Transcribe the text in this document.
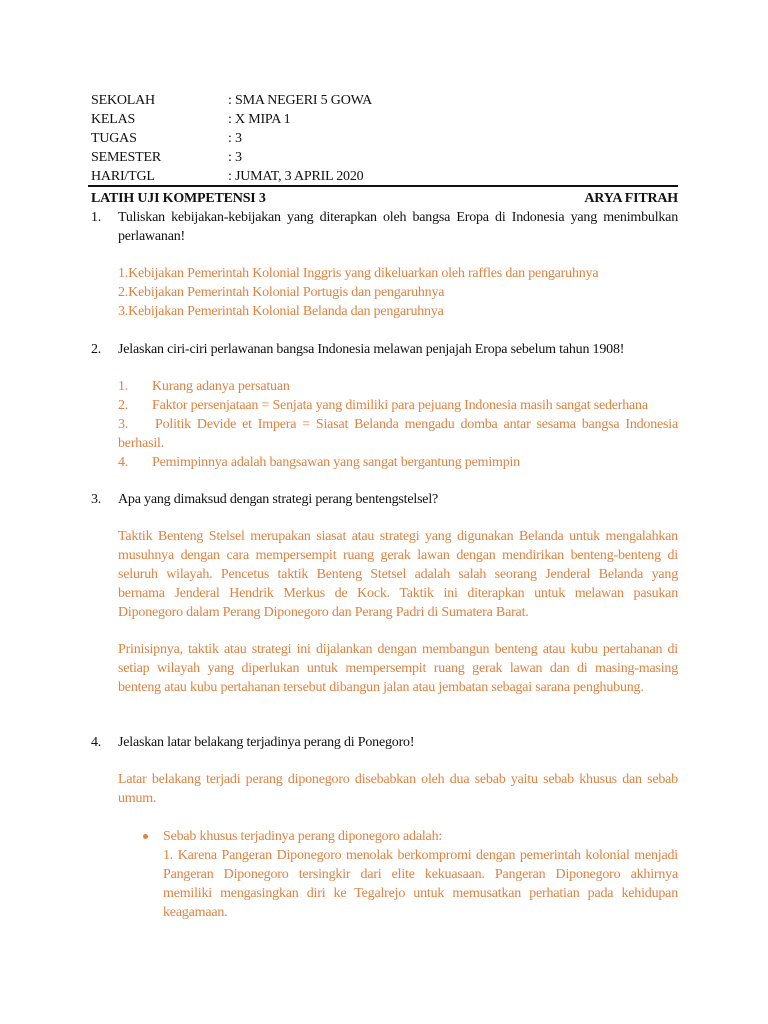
SEKOLAH	: SMA NEGERI 5 GOWA
KELAS	: X MIPA 1
TUGAS	: 3
SEMESTER	: 3
HARI/TGL	: JUMAT, 3 APRIL 2020
LATIH UJI KOMPETENSI 3	ARYA FITRAH
1. Tuliskan kebijakan-kebijakan yang diterapkan oleh bangsa Eropa di Indonesia yang menimbulkan
perlawanan!
1.Kebijakan Pemerintah Kolonial Inggris yang dikeluarkan oleh raffles dan pengaruhnya
2.Kebijakan Pemerintah Kolonial Portugis dan pengaruhnya
3.Kebijakan Pemerintah Kolonial Belanda dan pengaruhnya
2. Jelaskan ciri-ciri perlawanan bangsa Indonesia melawan penjajah Eropa sebelum tahun 1908!
1. Kurang adanya persatuan
2. Faktor persenjataan = Senjata yang dimiliki para pejuang Indonesia masih sangat sederhana
3. Politik Devide et Impera = Siasat Belanda mengadu domba antar sesama bangsa Indonesia
berhasil.
4. Pemimpinnya adalah bangsawan yang sangat bergantung pemimpin
3. Apa yang dimaksud dengan strategi perang bentengstelsel?
Taktik Benteng Stelsel merupakan siasat atau strategi yang digunakan Belanda untuk mengalahkan
musuhnya dengan cara mempersempit ruang gerak lawan dengan mendirikan benteng-benteng di
seluruh wilayah. Pencetus taktik Benteng Stetsel adalah salah seorang Jenderal Belanda yang
bernama Jenderal Hendrik Merkus de Kock. Taktik ini diterapkan untuk melawan pasukan
Diponegoro dalam Perang Diponegoro dan Perang Padri di Sumatera Barat.
Prinisipnya, taktik atau strategi ini dijalankan dengan membangun benteng atau kubu pertahanan di
setiap wilayah yang diperlukan untuk mempersempit ruang gerak lawan dan di masing-masing
benteng atau kubu pertahanan tersebut dibangun jalan atau jembatan sebagai sarana penghubung.
4. Jelaskan latar belakang terjadinya perang di Ponegoro!
Latar belakang terjadi perang diponegoro disebabkan oleh dua sebab yaitu sebab khusus dan sebab
umum.
Sebab khusus terjadinya perang diponegoro adalah:
1. Karena Pangeran Diponegoro menolak berkompromi dengan pemerintah kolonial menjadi
Pangeran Diponegoro tersingkir dari elite kekuasaan. Pangeran Diponegoro akhirnya
memiliki mengasingkan diri ke Tegalrejo untuk memusatkan perhatian pada kehidupan
keagamaan.
